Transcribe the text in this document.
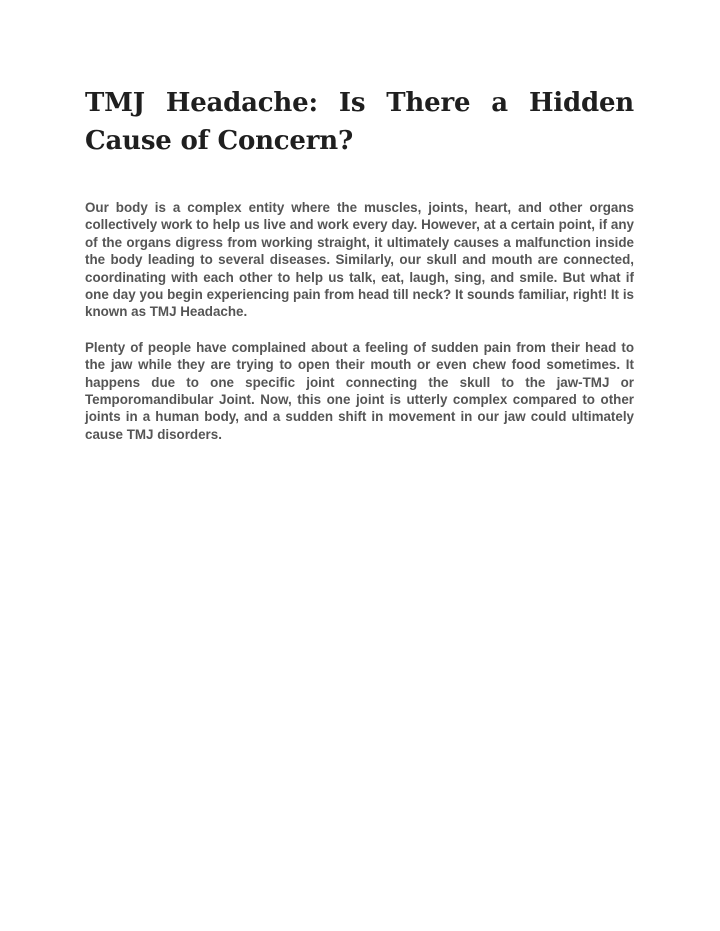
TMJ Headache: Is There a Hidden Cause of Concern?

Our body is a complex entity where the muscles, joints, heart, and other organs collectively work to help us live and work every day. However, at a certain point, if any of the organs digress from working straight, it ultimately causes a malfunction inside the body leading to several diseases. Similarly, our skull and mouth are connected, coordinating with each other to help us talk, eat, laugh, sing, and smile. But what if one day you begin experiencing pain from head till neck? It sounds familiar, right! It is known as TMJ Headache.

Plenty of people have complained about a feeling of sudden pain from their head to the jaw while they are trying to open their mouth or even chew food sometimes. It happens due to one specific joint connecting the skull to the jaw-TMJ or Temporomandibular Joint. Now, this one joint is utterly complex compared to other joints in a human body, and a sudden shift in movement in our jaw could ultimately cause TMJ disorders.
